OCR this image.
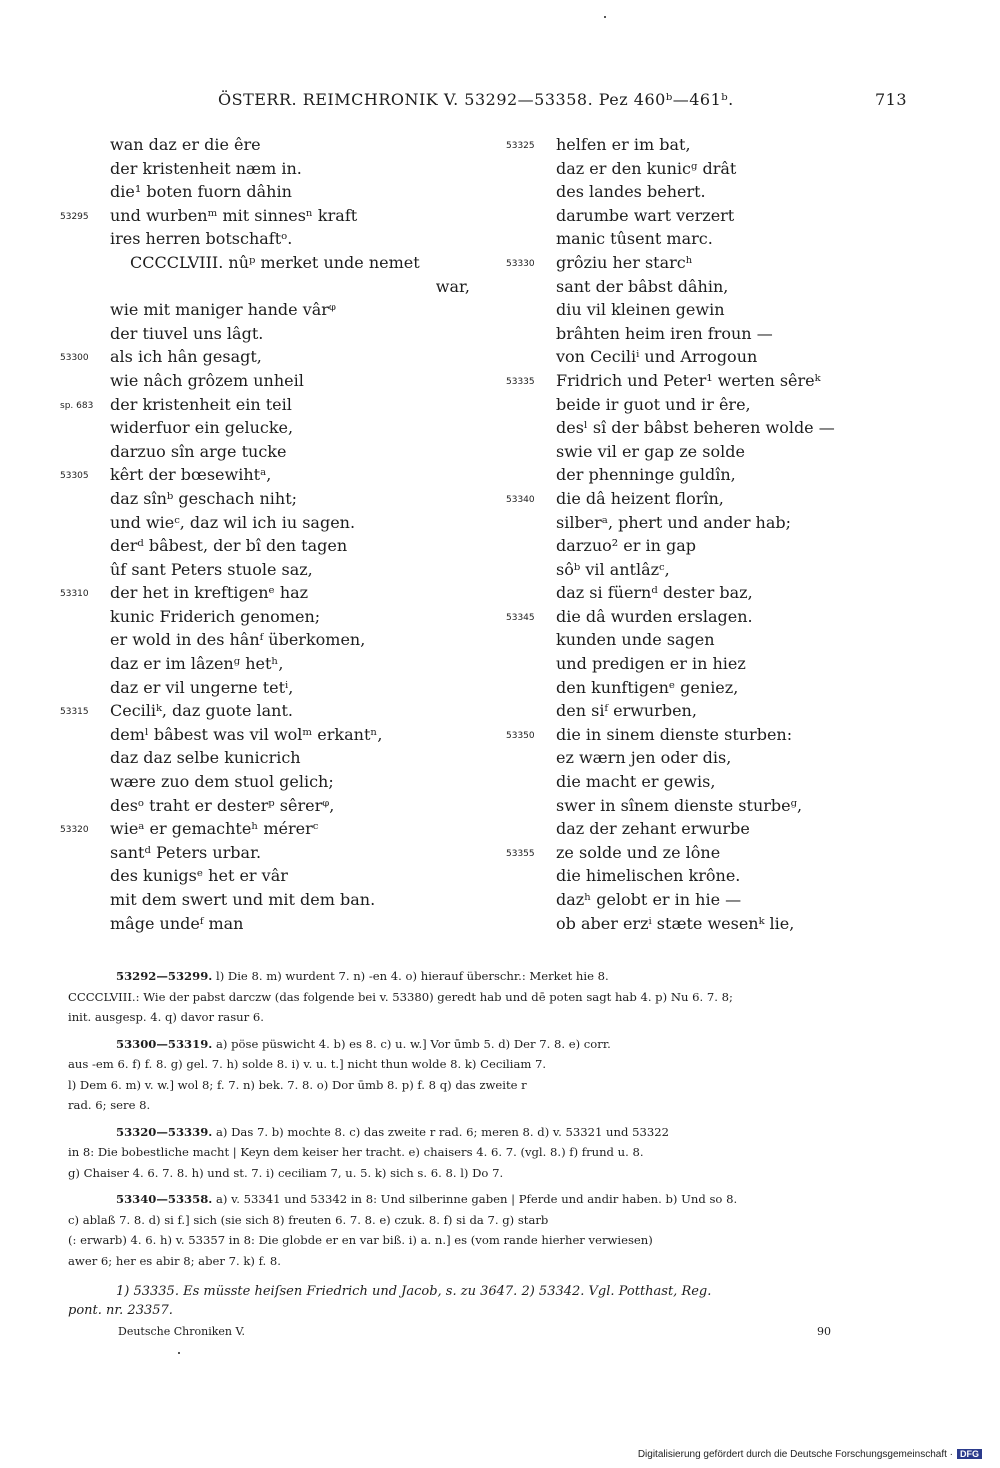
ÖSTERR. REIMCHRONIK V. 53292—53358. Pez 460ᵇ—461ᵇ.	713
wan daz er die êre
der kristenheit næm in.
die¹ boten fuorn dâhin
53295 und wurbenᵐ mit sinnesⁿ kraft
ires herren botschaftᵒ.
CCCCLVIII. nûᵖ merket unde nemet
war,
wie mit maniger hande vârᵠ
der tiuvel uns lâgt.
53300 als ich hân gesagt,
wie nâch grôzem unheil
sp. 683 der kristenheit ein teil
widerfuor ein gelucke,
darzuo sîn arge tucke
53305 kêrt der bœsewihtᵃ,
daz sînᵇ geschach niht;
und wieᶜ, daz wil ich iu sagen.
derᵈ bâbest, der bî den tagen
ûf sant Peters stuole saz,
53310 der het in kreftigenᵉ haz
kunic Friderich genomen;
er wold in des hânᶠ überkomen,
daz er im lâzenᵍ hetʰ,
daz er vil ungerne tetⁱ,
53315 Ceciliᵏ, daz guote lant.
demˡ bâbest was vil wolᵐ erkantⁿ,
daz daz selbe kunicrich
wære zuo dem stuol gelich;
desᵒ traht er desterᵖ sêrerᵠ,
53320 wieᵃ er gemachteʰ mérerᶜ
santᵈ Peters urbar.
des kunigsᵉ het er vâr
mit dem swert und mit dem ban.
mâge undeᶠ man
53325 helfen er im bat,
daz er den kunicᵍ drât
des landes behert.
darumbe wart verzert
manic tûsent marc.
53330 grôziu her starcʰ
sant der bâbst dâhin,
diu vil kleinen gewin
brâhten heim iren froun —
von Ceciliⁱ und Arrogoun
53335 Fridrich und Peter¹ werten sêreᵏ
beide ir guot und ir êre,
desˡ sî der bâbst beheren wolde —
swie vil er gap ze solde
der phenninge guldîn,
53340 die dâ heizent florîn,
silberᵃ, phert und ander hab;
darzuo² er in gap
sôᵇ vil antlâzᶜ,
daz si füernᵈ dester baz,
53345 die dâ wurden erslagen.
kunden unde sagen
und predigen er in hiez
den kunftigenᵉ geniez,
den siᶠ erwurben,
53350 die in sinem dienste sturben:
ez wærn jen oder dis,
die macht er gewis,
swer in sînem dienste sturbeᵍ,
daz der zehant erwurbe
53355 ze solde und ze lône
die himelischen krône.
dazʰ gelobt er in hie —
ob aber erzⁱ stæte wesenᵏ lie,

53292—53299. l) Die 8. m) wurdent 7. n) -en 4. o) hierauf überschr.: Merket hie 8.

CCCCLVIII.: Wie der pabst darczw (das folgende bei v. 53380) geredt hab und dē poten sagt hab 4. p) Nu 6. 7. 8;

init. ausgesp. 4. q) davor rasur 6.

53300—53319. a) pöse püswicht 4. b) es 8. c) u. w.] Vor ūmb 5. d) Der 7. 8. e) corr.

aus -em 6. f) f. 8. g) gel. 7. h) solde 8. i) v. u. t.] nicht thun wolde 8. k) Ceciliam 7.

l) Dem 6. m) v. w.] wol 8; f. 7. n) bek. 7. 8. o) Dor ūmb 8. p) f. 8 q) das zweite r

rad. 6; sere 8.

53320—53339. a) Das 7. b) mochte 8. c) das zweite r rad. 6; meren 8. d) v. 53321 und 53322

in 8: Die bobestliche macht | Keyn dem keiser her tracht. e) chaisers 4. 6. 7. (vgl. 8.) f) frund u. 8.

g) Chaiser 4. 6. 7. 8. h) und st. 7. i) ceciliam 7, u. 5. k) sich s. 6. 8. l) Do 7.

53340—53358. a) v. 53341 und 53342 in 8: Und silberinne gaben | Pferde und andir haben. b) Und so 8.

c) ablaß 7. 8. d) si f.] sich (sie sich 8) freuten 6. 7. 8. e) czuk. 8. f) si da 7. g) starb

(: erwarb) 4. 6. h) v. 53357 in 8: Die globde er en var biß. i) a. n.] es (vom rande hierher verwiesen)

awer 6; her es abir 8; aber 7. k) f. 8.

1) 53335. Es müsste heiſsen Friedrich und Jacob, s. zu 3647. 2) 53342. Vgl. Potthast, Reg.
pont. nr. 23357.
Deutsche Chroniken V.	90
Digitalisierung gefördert durch die Deutsche Forschungsgemeinschaft · DFG
